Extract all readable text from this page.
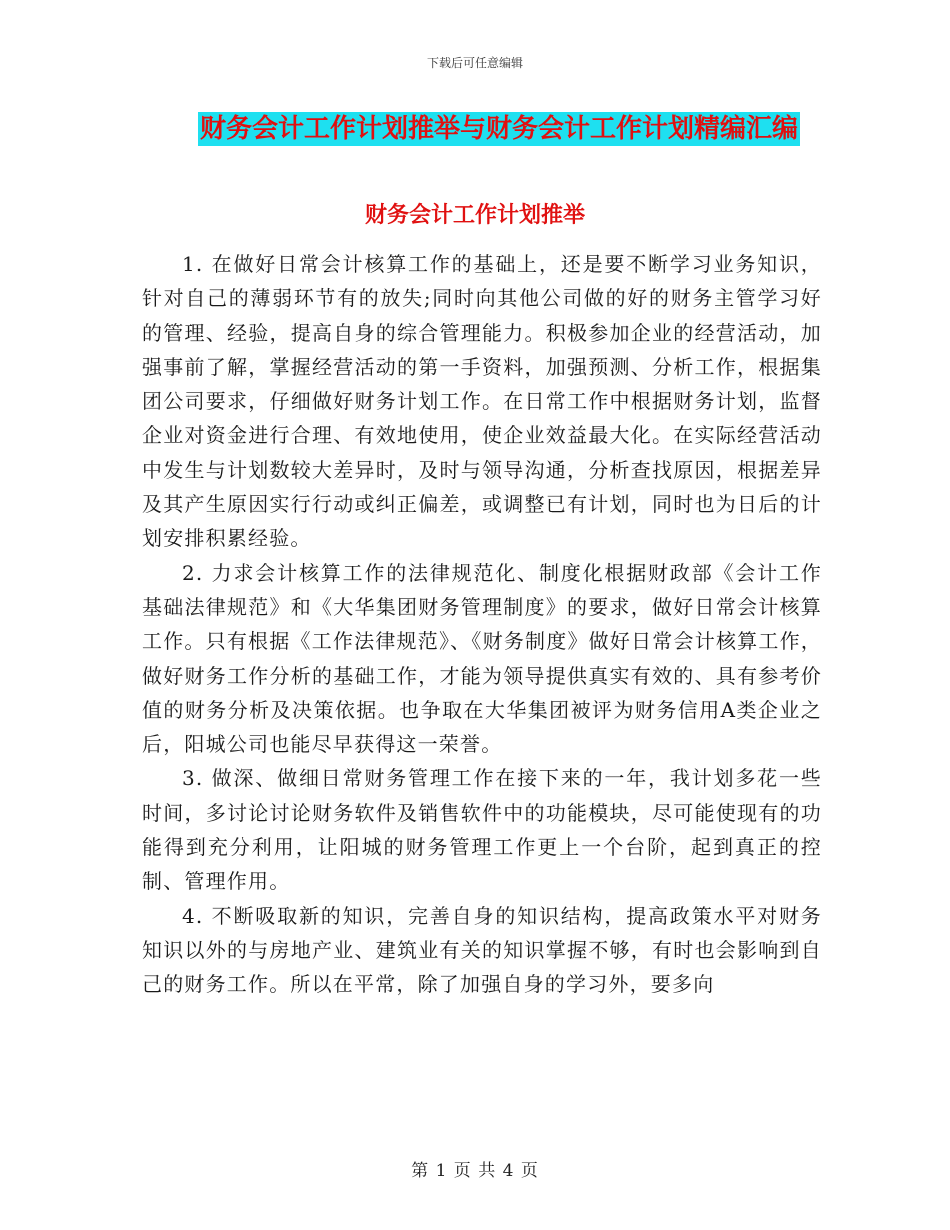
下载后可任意编辑
财务会计工作计划推举与财务会计工作计划精编汇编
财务会计工作计划推举

1. 在做好日常会计核算工作的基础上，还是要不断学习业务知识，针对自己的薄弱环节有的放失;同时向其他公司做的好的财务主管学习好的管理、经验，提高自身的综合管理能力。积极参加企业的经营活动，加强事前了解，掌握经营活动的第一手资料，加强预测、分析工作，根据集团公司要求，仔细做好财务计划工作。在日常工作中根据财务计划，监督企业对资金进行合理、有效地使用，使企业效益最大化。在实际经营活动中发生与计划数较大差异时，及时与领导沟通，分析查找原因，根据差异及其产生原因实行行动或纠正偏差，或调整已有计划，同时也为日后的计划安排积累经验。

2. 力求会计核算工作的法律规范化、制度化根据财政部《会计工作基础法律规范》和《大华集团财务管理制度》的要求，做好日常会计核算工作。只有根据《工作法律规范》、《财务制度》做好日常会计核算工作，做好财务工作分析的基础工作，才能为领导提供真实有效的、具有参考价值的财务分析及决策依据。也争取在大华集团被评为财务信用A类企业之后，阳城公司也能尽早获得这一荣誉。

3. 做深、做细日常财务管理工作在接下来的一年，我计划多花一些时间，多讨论讨论财务软件及销售软件中的功能模块，尽可能使现有的功能得到充分利用，让阳城的财务管理工作更上一个台阶，起到真正的控制、管理作用。

4. 不断吸取新的知识，完善自身的知识结构，提高政策水平对财务知识以外的与房地产业、建筑业有关的知识掌握不够，有时也会影响到自己的财务工作。所以在平常，除了加强自身的学习外，要多向

第 1 页 共 4 页
